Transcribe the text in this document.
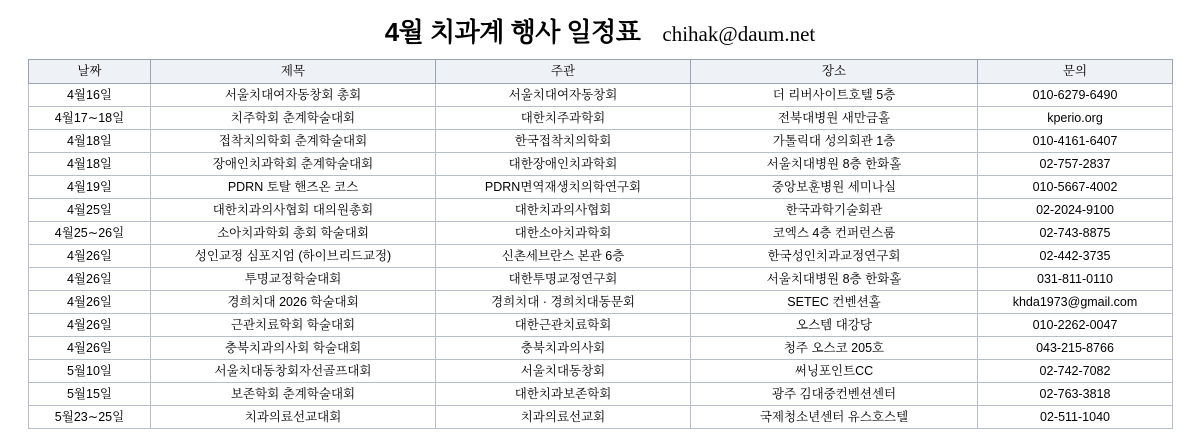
4월 치과계 행사 일정표 chihak@daum.net
날짜	제목	주관	장소	문의
4월16일	서울치대여자동창회 총회	서울치대여자동창회	더 리버사이트호텔 5층	010-6279-6490
4월17∼18일	치주학회 춘계학술대회	대한치주과학회	전북대병원 새만금홀	kperio.org
4월18일	접착치의학회 춘계학술대회	한국접착치의학회	가톨릭대 성의회관 1층	010-4161-6407
4월18일	장애인치과학회 춘계학술대회	대한장애인치과학회	서울치대병원 8층 한화홀	02-757-2837
4월19일	PDRN 토탈 핸즈온 코스	PDRN면역재생치의학연구회	중앙보훈병원 세미나실	010-5667-4002
4월25일	대한치과의사협회 대의원총회	대한치과의사협회	한국과학기술회관	02-2024-9100
4월25∼26일	소아치과학회 총회 학술대회	대한소아치과학회	코엑스 4층 컨퍼런스룸	02-743-8875
4월26일	성인교정 심포지엄 (하이브리드교정)	신촌세브란스 본관 6층	한국성인치과교정연구회	02-442-3735
4월26일	투명교정학술대회	대한투명교정연구회	서울치대병원 8층 한화홀	031-811-0110
4월26일	경희치대 2026 학술대회	경희치대 · 경희치대동문회	SETEC 컨벤션홀	khda1973@gmail.com
4월26일	근관치료학회 학술대회	대한근관치료학회	오스템 대강당	010-2262-0047
4월26일	충북치과의사회 학술대회	충북치과의사회	청주 오스코 205호	043-215-8766
5월10일	서울치대동창회자선골프대회	서울치대동창회	써닝포인트CC	02-742-7082
5월15일	보존학회 춘계학술대회	대한치과보존학회	광주 김대중컨벤션센터	02-763-3818
5월23∼25일	치과의료선교대회	치과의료선교회	국제청소년센터 유스호스텔	02-511-1040
